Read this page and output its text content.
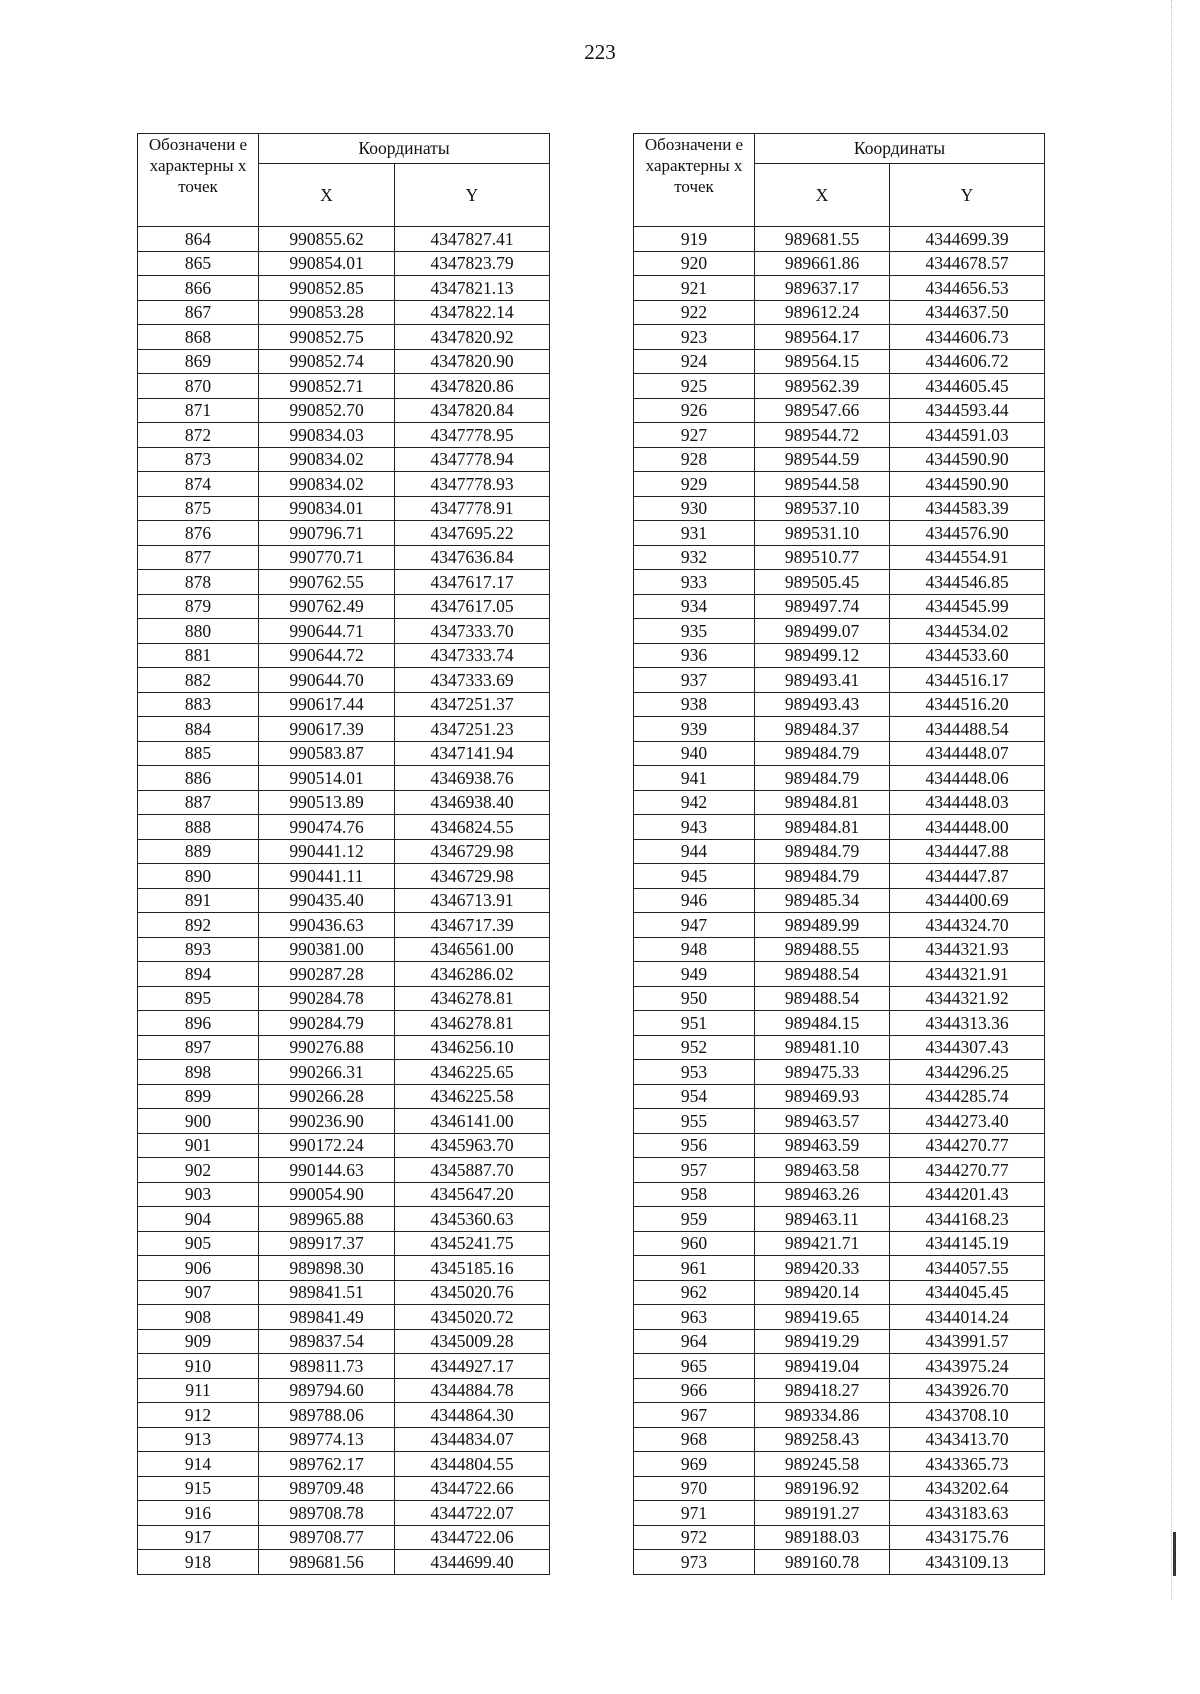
223
Обозначени е характерны х точек	Координаты	
	X	Y
864	990855.62	4347827.41
865	990854.01	4347823.79
866	990852.85	4347821.13
867	990853.28	4347822.14
868	990852.75	4347820.92
869	990852.74	4347820.90
870	990852.71	4347820.86
871	990852.70	4347820.84
872	990834.03	4347778.95
873	990834.02	4347778.94
874	990834.02	4347778.93
875	990834.01	4347778.91
876	990796.71	4347695.22
877	990770.71	4347636.84
878	990762.55	4347617.17
879	990762.49	4347617.05
880	990644.71	4347333.70
881	990644.72	4347333.74
882	990644.70	4347333.69
883	990617.44	4347251.37
884	990617.39	4347251.23
885	990583.87	4347141.94
886	990514.01	4346938.76
887	990513.89	4346938.40
888	990474.76	4346824.55
889	990441.12	4346729.98
890	990441.11	4346729.98
891	990435.40	4346713.91
892	990436.63	4346717.39
893	990381.00	4346561.00
894	990287.28	4346286.02
895	990284.78	4346278.81
896	990284.79	4346278.81
897	990276.88	4346256.10
898	990266.31	4346225.65
899	990266.28	4346225.58
900	990236.90	4346141.00
901	990172.24	4345963.70
902	990144.63	4345887.70
903	990054.90	4345647.20
904	989965.88	4345360.63
905	989917.37	4345241.75
906	989898.30	4345185.16
907	989841.51	4345020.76
908	989841.49	4345020.72
909	989837.54	4345009.28
910	989811.73	4344927.17
911	989794.60	4344884.78
912	989788.06	4344864.30
913	989774.13	4344834.07
914	989762.17	4344804.55
915	989709.48	4344722.66
916	989708.78	4344722.07
917	989708.77	4344722.06
918	989681.56	4344699.40
Обозначени е характерны х точек	Координаты	
	X	Y
919	989681.55	4344699.39
920	989661.86	4344678.57
921	989637.17	4344656.53
922	989612.24	4344637.50
923	989564.17	4344606.73
924	989564.15	4344606.72
925	989562.39	4344605.45
926	989547.66	4344593.44
927	989544.72	4344591.03
928	989544.59	4344590.90
929	989544.58	4344590.90
930	989537.10	4344583.39
931	989531.10	4344576.90
932	989510.77	4344554.91
933	989505.45	4344546.85
934	989497.74	4344545.99
935	989499.07	4344534.02
936	989499.12	4344533.60
937	989493.41	4344516.17
938	989493.43	4344516.20
939	989484.37	4344488.54
940	989484.79	4344448.07
941	989484.79	4344448.06
942	989484.81	4344448.03
943	989484.81	4344448.00
944	989484.79	4344447.88
945	989484.79	4344447.87
946	989485.34	4344400.69
947	989489.99	4344324.70
948	989488.55	4344321.93
949	989488.54	4344321.91
950	989488.54	4344321.92
951	989484.15	4344313.36
952	989481.10	4344307.43
953	989475.33	4344296.25
954	989469.93	4344285.74
955	989463.57	4344273.40
956	989463.59	4344270.77
957	989463.58	4344270.77
958	989463.26	4344201.43
959	989463.11	4344168.23
960	989421.71	4344145.19
961	989420.33	4344057.55
962	989420.14	4344045.45
963	989419.65	4344014.24
964	989419.29	4343991.57
965	989419.04	4343975.24
966	989418.27	4343926.70
967	989334.86	4343708.10
968	989258.43	4343413.70
969	989245.58	4343365.73
970	989196.92	4343202.64
971	989191.27	4343183.63
972	989188.03	4343175.76
973	989160.78	4343109.13
